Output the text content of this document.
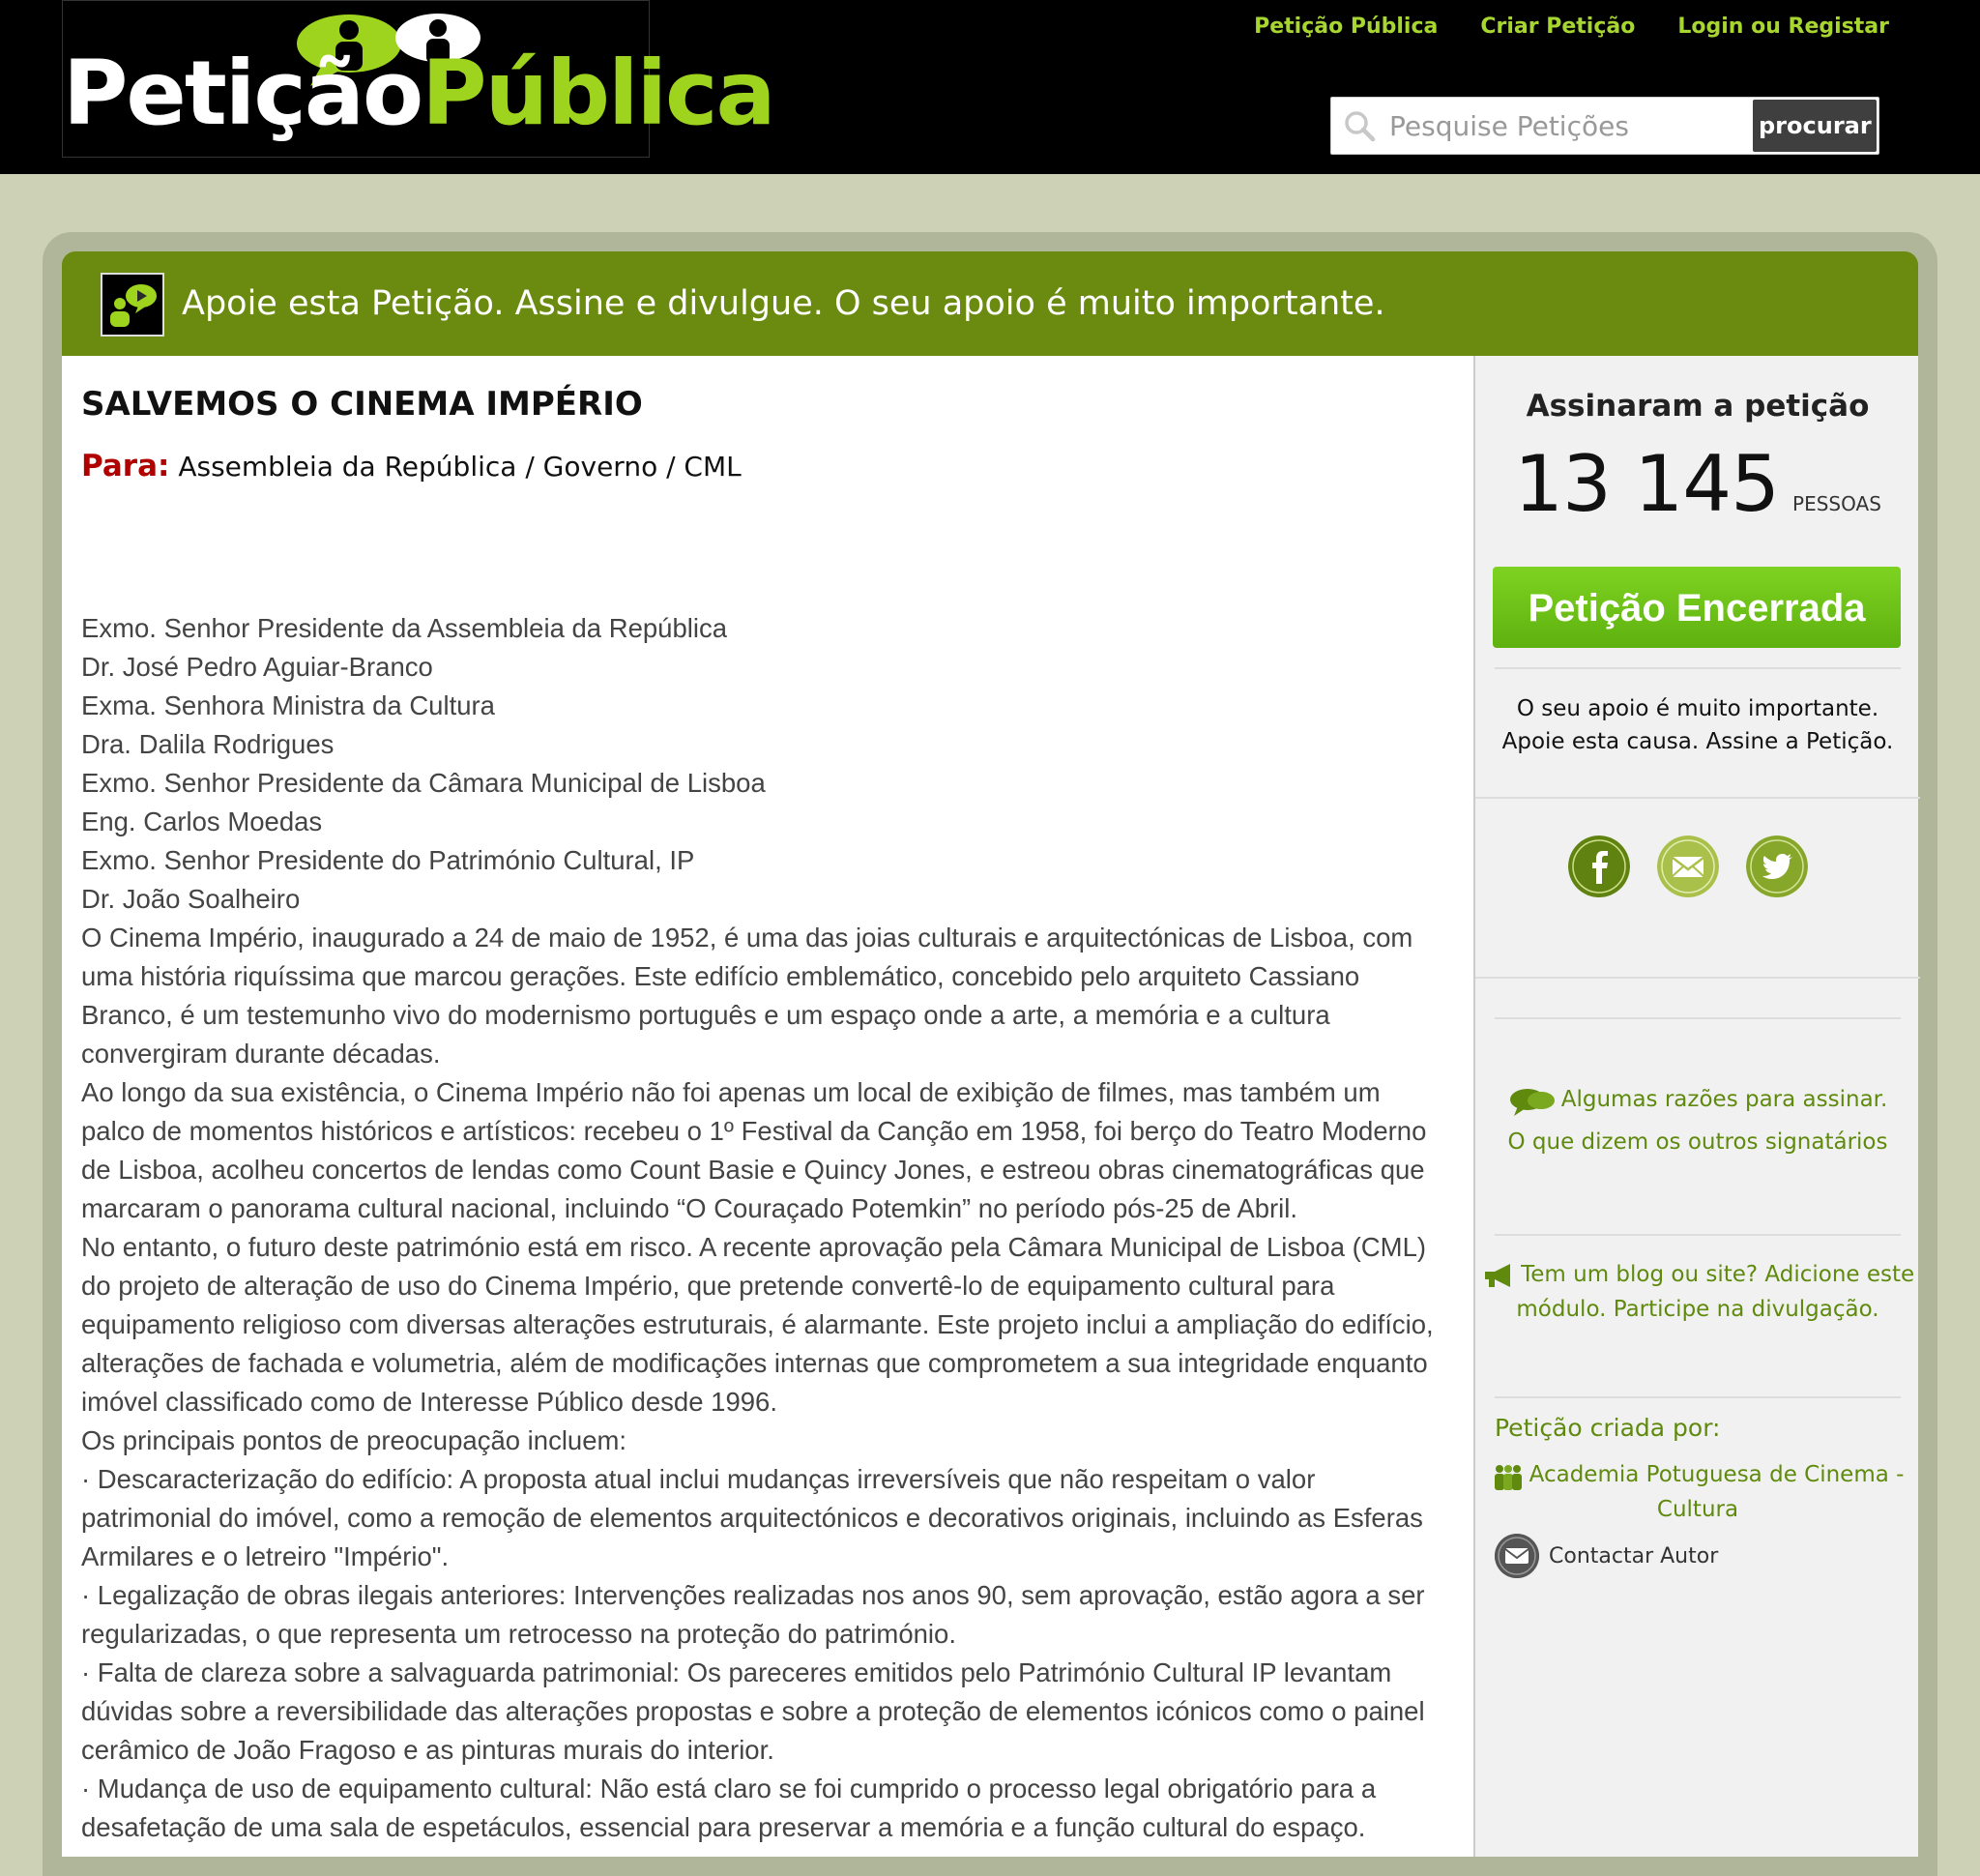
PetiçãoPública
Petição Pública Criar Petição Login ou Registar
Pesquise Petições
procurar
Apoie esta Petição. Assine e divulgue. O seu apoio é muito importante.
SALVEMOS O CINEMA IMPÉRIO
Para: Assembleia da República / Governo / CML

Exmo. Senhor Presidente da Assembleia da República

Dr. José Pedro Aguiar-Branco

Exma. Senhora Ministra da Cultura

Dra. Dalila Rodrigues

Exmo. Senhor Presidente da Câmara Municipal de Lisboa

Eng. Carlos Moedas

Exmo. Senhor Presidente do Património Cultural, IP

Dr. João Soalheiro

O Cinema Império, inaugurado a 24 de maio de 1952, é uma das joias culturais e arquitectónicas de Lisboa, com uma história riquíssima que marcou gerações. Este edifício emblemático, concebido pelo arquiteto Cassiano Branco, é um testemunho vivo do modernismo português e um espaço onde a arte, a memória e a cultura convergiram durante décadas.

Ao longo da sua existência, o Cinema Império não foi apenas um local de exibição de filmes, mas também um palco de momentos históricos e artísticos: recebeu o 1º Festival da Canção em 1958, foi berço do Teatro Moderno de Lisboa, acolheu concertos de lendas como Count Basie e Quincy Jones, e estreou obras cinematográficas que marcaram o panorama cultural nacional, incluindo “O Couraçado Potemkin” no período pós-25 de Abril.

No entanto, o futuro deste património está em risco. A recente aprovação pela Câmara Municipal de Lisboa (CML) do projeto de alteração de uso do Cinema Império, que pretende convertê-lo de equipamento cultural para equipamento religioso com diversas alterações estruturais, é alarmante. Este projeto inclui a ampliação do edifício, alterações de fachada e volumetria, além de modificações internas que comprometem a sua integridade enquanto imóvel classificado como de Interesse Público desde 1996.

Os principais pontos de preocupação incluem:

· Descaracterização do edifício: A proposta atual inclui mudanças irreversíveis que não respeitam o valor patrimonial do imóvel, como a remoção de elementos arquitectónicos e decorativos originais, incluindo as Esferas Armilares e o letreiro "Império".

· Legalização de obras ilegais anteriores: Intervenções realizadas nos anos 90, sem aprovação, estão agora a ser regularizadas, o que representa um retrocesso na proteção do património.

· Falta de clareza sobre a salvaguarda patrimonial: Os pareceres emitidos pelo Património Cultural IP levantam dúvidas sobre a reversibilidade das alterações propostas e sobre a proteção de elementos icónicos como o painel cerâmico de João Fragoso e as pinturas murais do interior.

· Mudança de uso de equipamento cultural: Não está claro se foi cumprido o processo legal obrigatório para a desafetação de uma sala de espetáculos, essencial para preservar a memória e a função cultural do espaço.

Assinaram a petição
13 145 PESSOAS
Petição Encerrada
O seu apoio é muito importante. Apoie esta causa. Assine a Petição.
Algumas razões para assinar.
O que dizem os outros signatários
Tem um blog ou site? Adicione este módulo. Participe na divulgação.
Petição criada por:
Academia Potuguesa de Cinema - Cultura
Contactar Autor
